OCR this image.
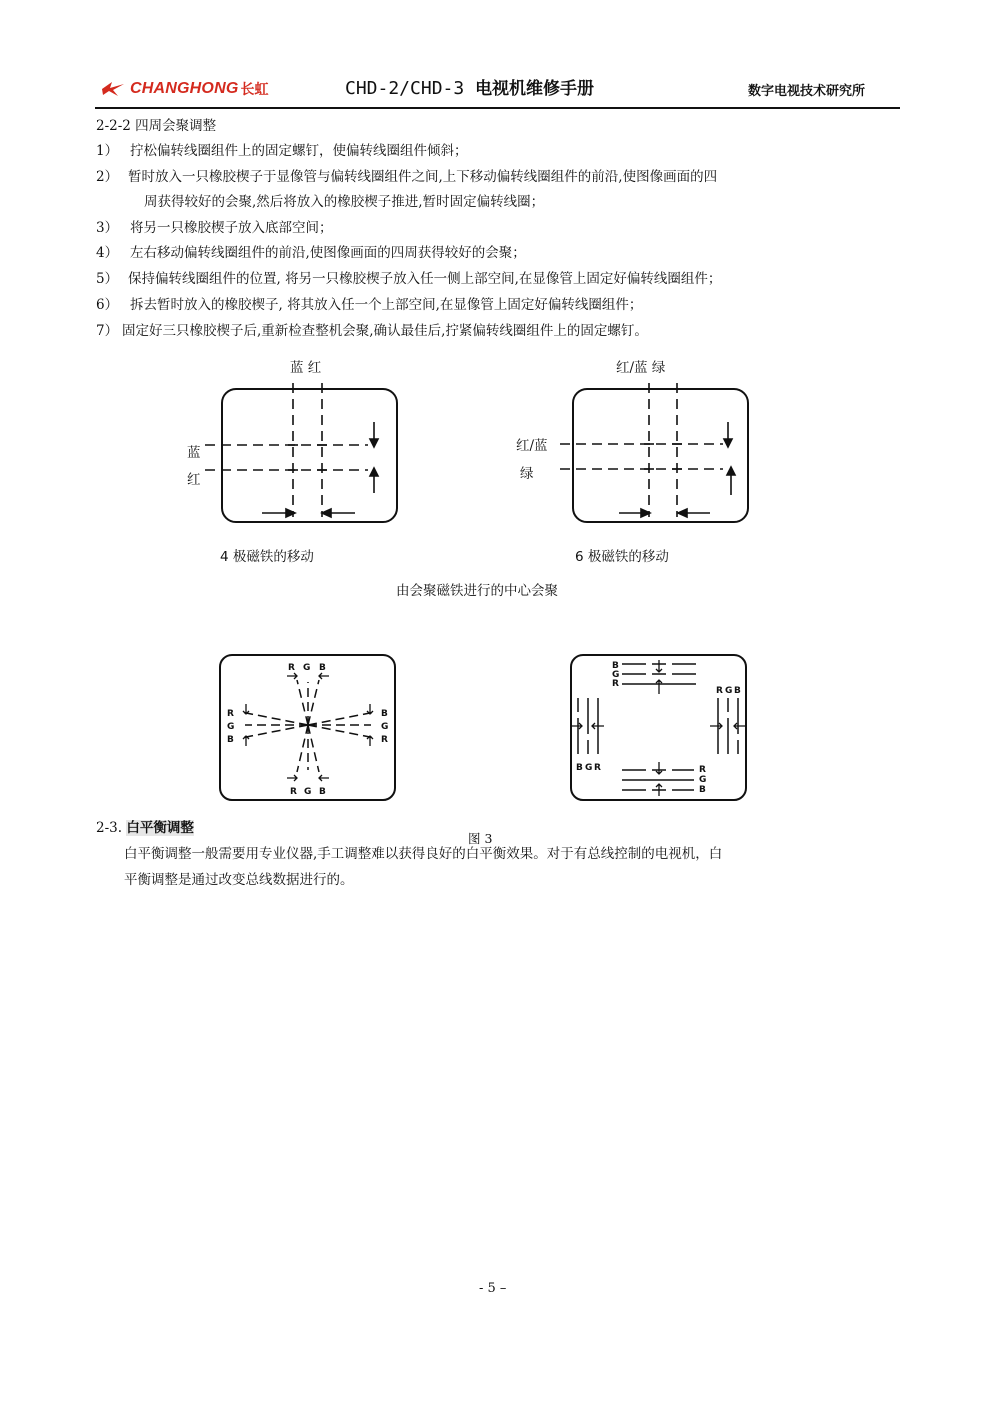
CHANGHONG 长虹	CHD-2/CHD-3 电视机维修手册	数字电视技术研究所
2-2-2 四周会聚调整
1） 拧松偏转线圈组件上的固定螺钉，使偏转线圈组件倾斜；
2） 暂时放入一只橡胶楔子于显像管与偏转线圈组件之间,上下移动偏转线圈组件的前沿,使图像画面的四
周获得较好的会聚,然后将放入的橡胶楔子推进,暂时固定偏转线圈；
3） 将另一只橡胶楔子放入底部空间；
4） 左右移动偏转线圈组件的前沿,使图像画面的四周获得较好的会聚；
5） 保持偏转线圈组件的位置, 将另一只橡胶楔子放入任一侧上部空间,在显像管上固定好偏转线圈组件；
6） 拆去暂时放入的橡胶楔子, 将其放入任一个上部空间,在显像管上固定好偏转线圈组件；
7） 固定好三只橡胶楔子后,重新检查整机会聚,确认最佳后,拧紧偏转线圈组件上的固定螺钉。
蓝 红
蓝
红
4 极磁铁的移动
红/蓝 绿
红/蓝
绿
6 极磁铁的移动
由会聚磁铁进行的中心会聚
R G B
R
G
B
B
G
R
R G B
B
G
R
R G B
B G R	R
G
B
2-3. 白平衡调整
图 3
白平衡调整一般需要用专业仪器,手工调整难以获得良好的白平衡效果。对于有总线控制的电视机，白
平衡调整是通过改变总线数据进行的。
- 5 –
